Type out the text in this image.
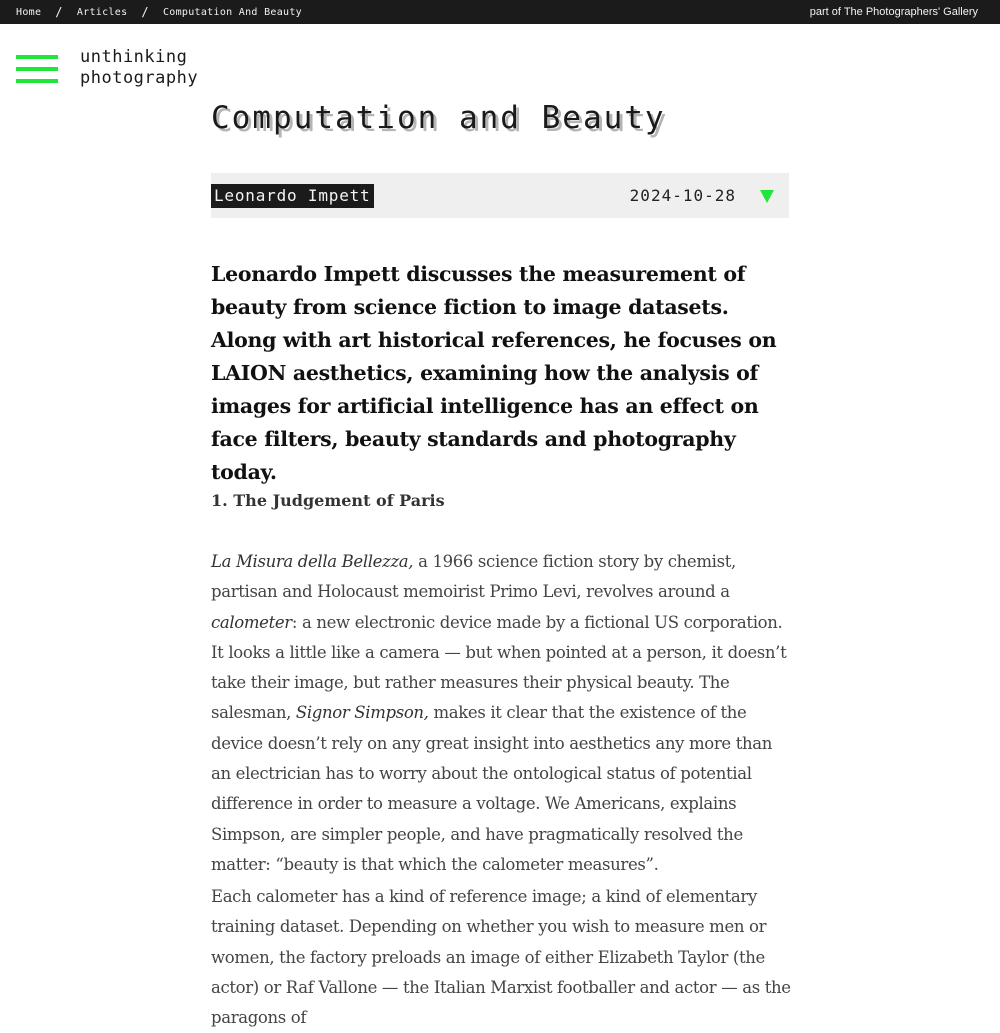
Home / Articles / Computation And Beauty	part of The Photographers' Gallery
unthinking
photography
Computation and Beauty
Leonardo Impett	2024-10-28

Leonardo Impett discusses the measurement of beauty from science fiction to image datasets. Along with art historical references, he focuses on LAION aesthetics, examining how the analysis of images for artificial intelligence has an effect on face filters, beauty standards and photography today.

1. The Judgement of Paris

La Misura della Bellezza, a 1966 science fiction story by chemist, partisan and Holocaust memoirist Primo Levi, revolves around a calometer: a new electronic device made by a fictional US corporation. It looks a little like a camera — but when pointed at a person, it doesn’t take their image, but rather measures their physical beauty. The salesman, Signor Simpson, makes it clear that the existence of the device doesn’t rely on any great insight into aesthetics any more than an electrician has to worry about the ontological status of potential difference in order to measure a voltage. We Americans, explains Simpson, are simpler people, and have pragmatically resolved the matter: “beauty is that which the calometer measures”.

Each calometer has a kind of reference image; a kind of elementary training dataset. Depending on whether you wish to measure men or women, the factory preloads an image of either Elizabeth Taylor (the actor) or Raf Vallone — the Italian Marxist footballer and actor — as the paragons of
